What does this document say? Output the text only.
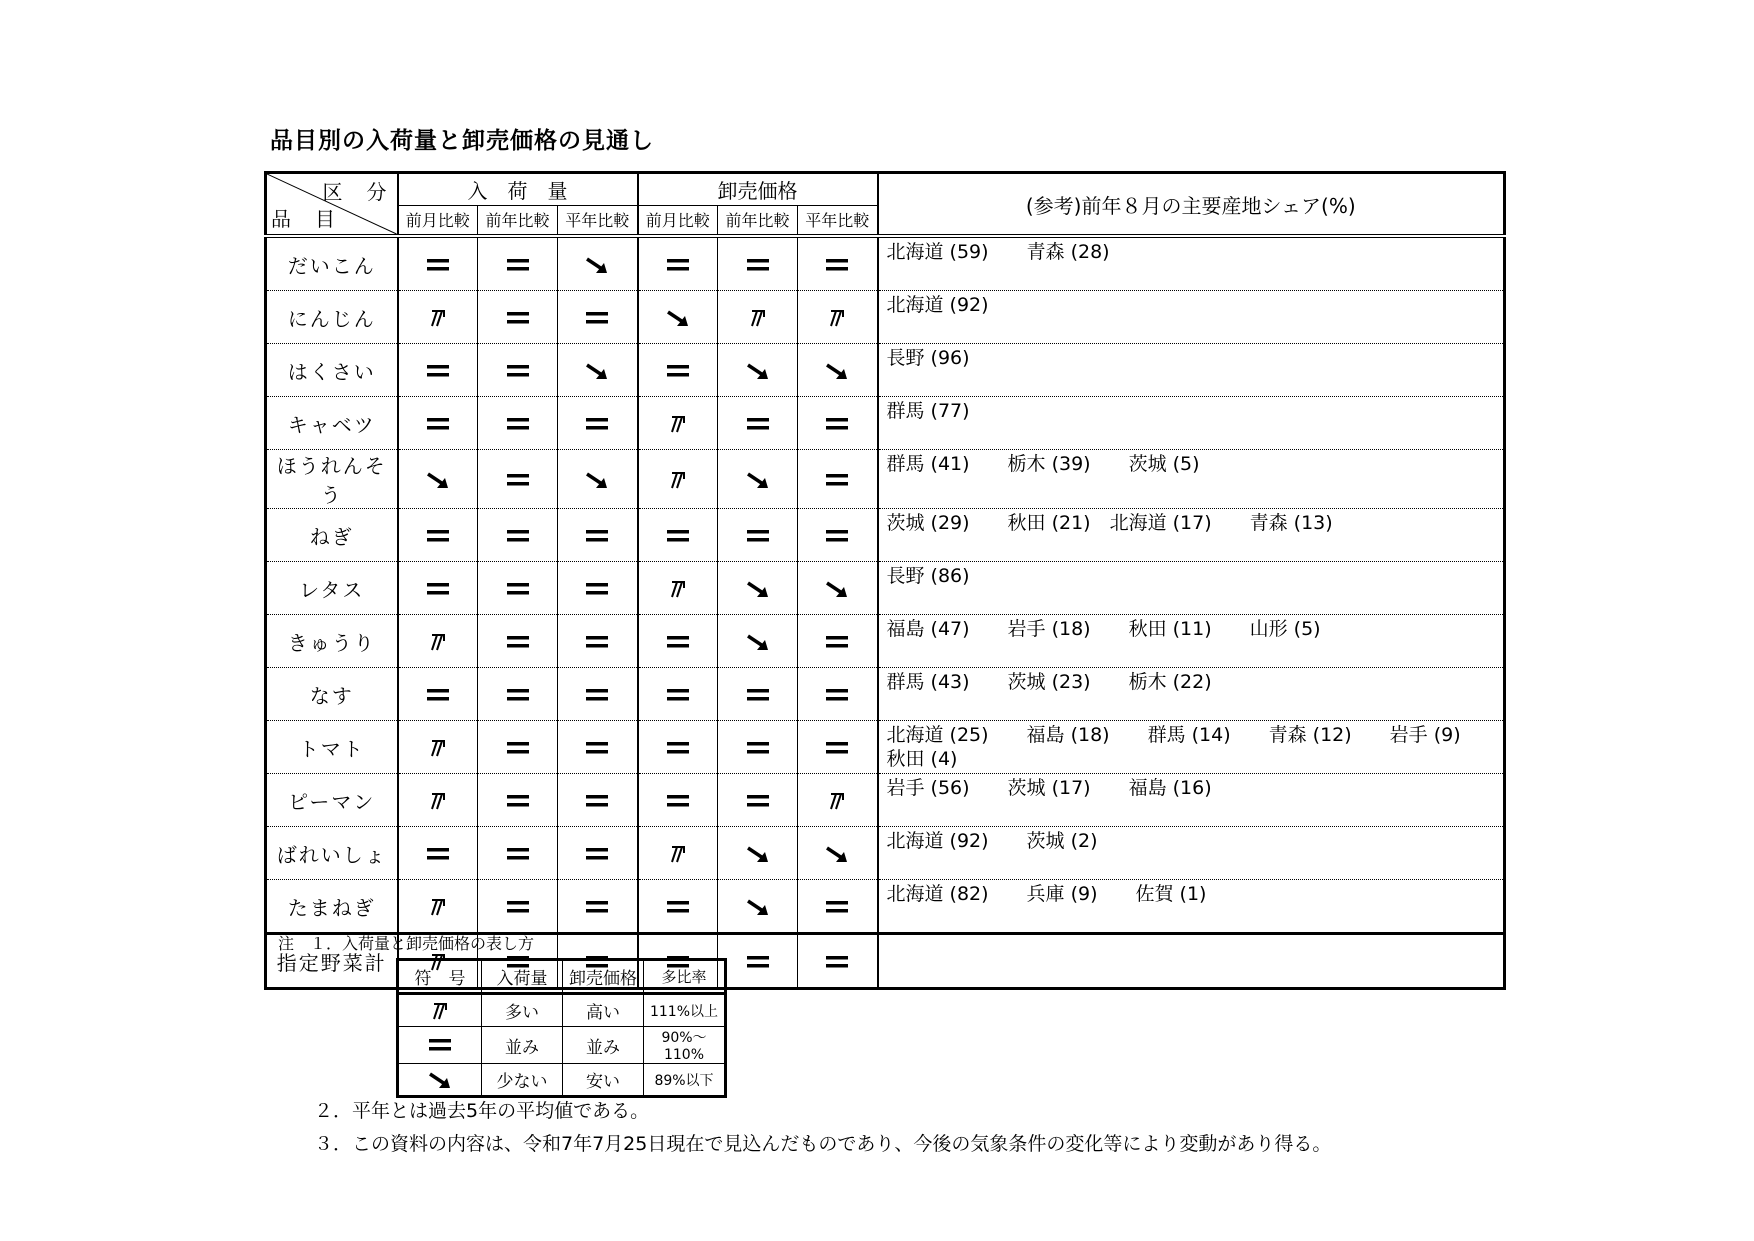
品目別の入荷量と卸売価格の見通し
区　分
品　目	入　荷　量			卸売価格			(参考)前年８月の主要産地シェア(%)
	前月比較	前年比較	平年比較	前月比較	前年比較	平年比較	
だいこん							北海道 (59)　　青森 (28)
にんじん							北海道 (92)
はくさい							長野 (96)
キャベツ							群馬 (77)
ほうれんそう							群馬 (41)　　栃木 (39)　　茨城 (5)
ねぎ							茨城 (29)　　秋田 (21)　北海道 (17)　　青森 (13)
レタス							長野 (86)
きゅうり							福島 (47)　　岩手 (18)　　秋田 (11)　　山形 (5)
なす							群馬 (43)　　茨城 (23)　　栃木 (22)
トマト							北海道 (25)　　福島 (18)　　群馬 (14)　　青森 (12)　　岩手 (9)　秋田 (4)
ピーマン							岩手 (56)　　茨城 (17)　　福島 (16)
ばれいしょ							北海道 (92)　　茨城 (2)
たまねぎ							北海道 (82)　　兵庫 (9)　　佐賀 (1)
指定野菜計							
注　１．入荷量と卸売価格の表し方
符　号	入荷量	卸売価格	多比率
	多い	高い	111%以上
	並み	並み	90%～110%
	少ない	安い	89%以下
２．平年とは過去5年の平均値である。
３．この資料の内容は、令和7年7月25日現在で見込んだものであり、今後の気象条件の変化等により変動があり得る。
